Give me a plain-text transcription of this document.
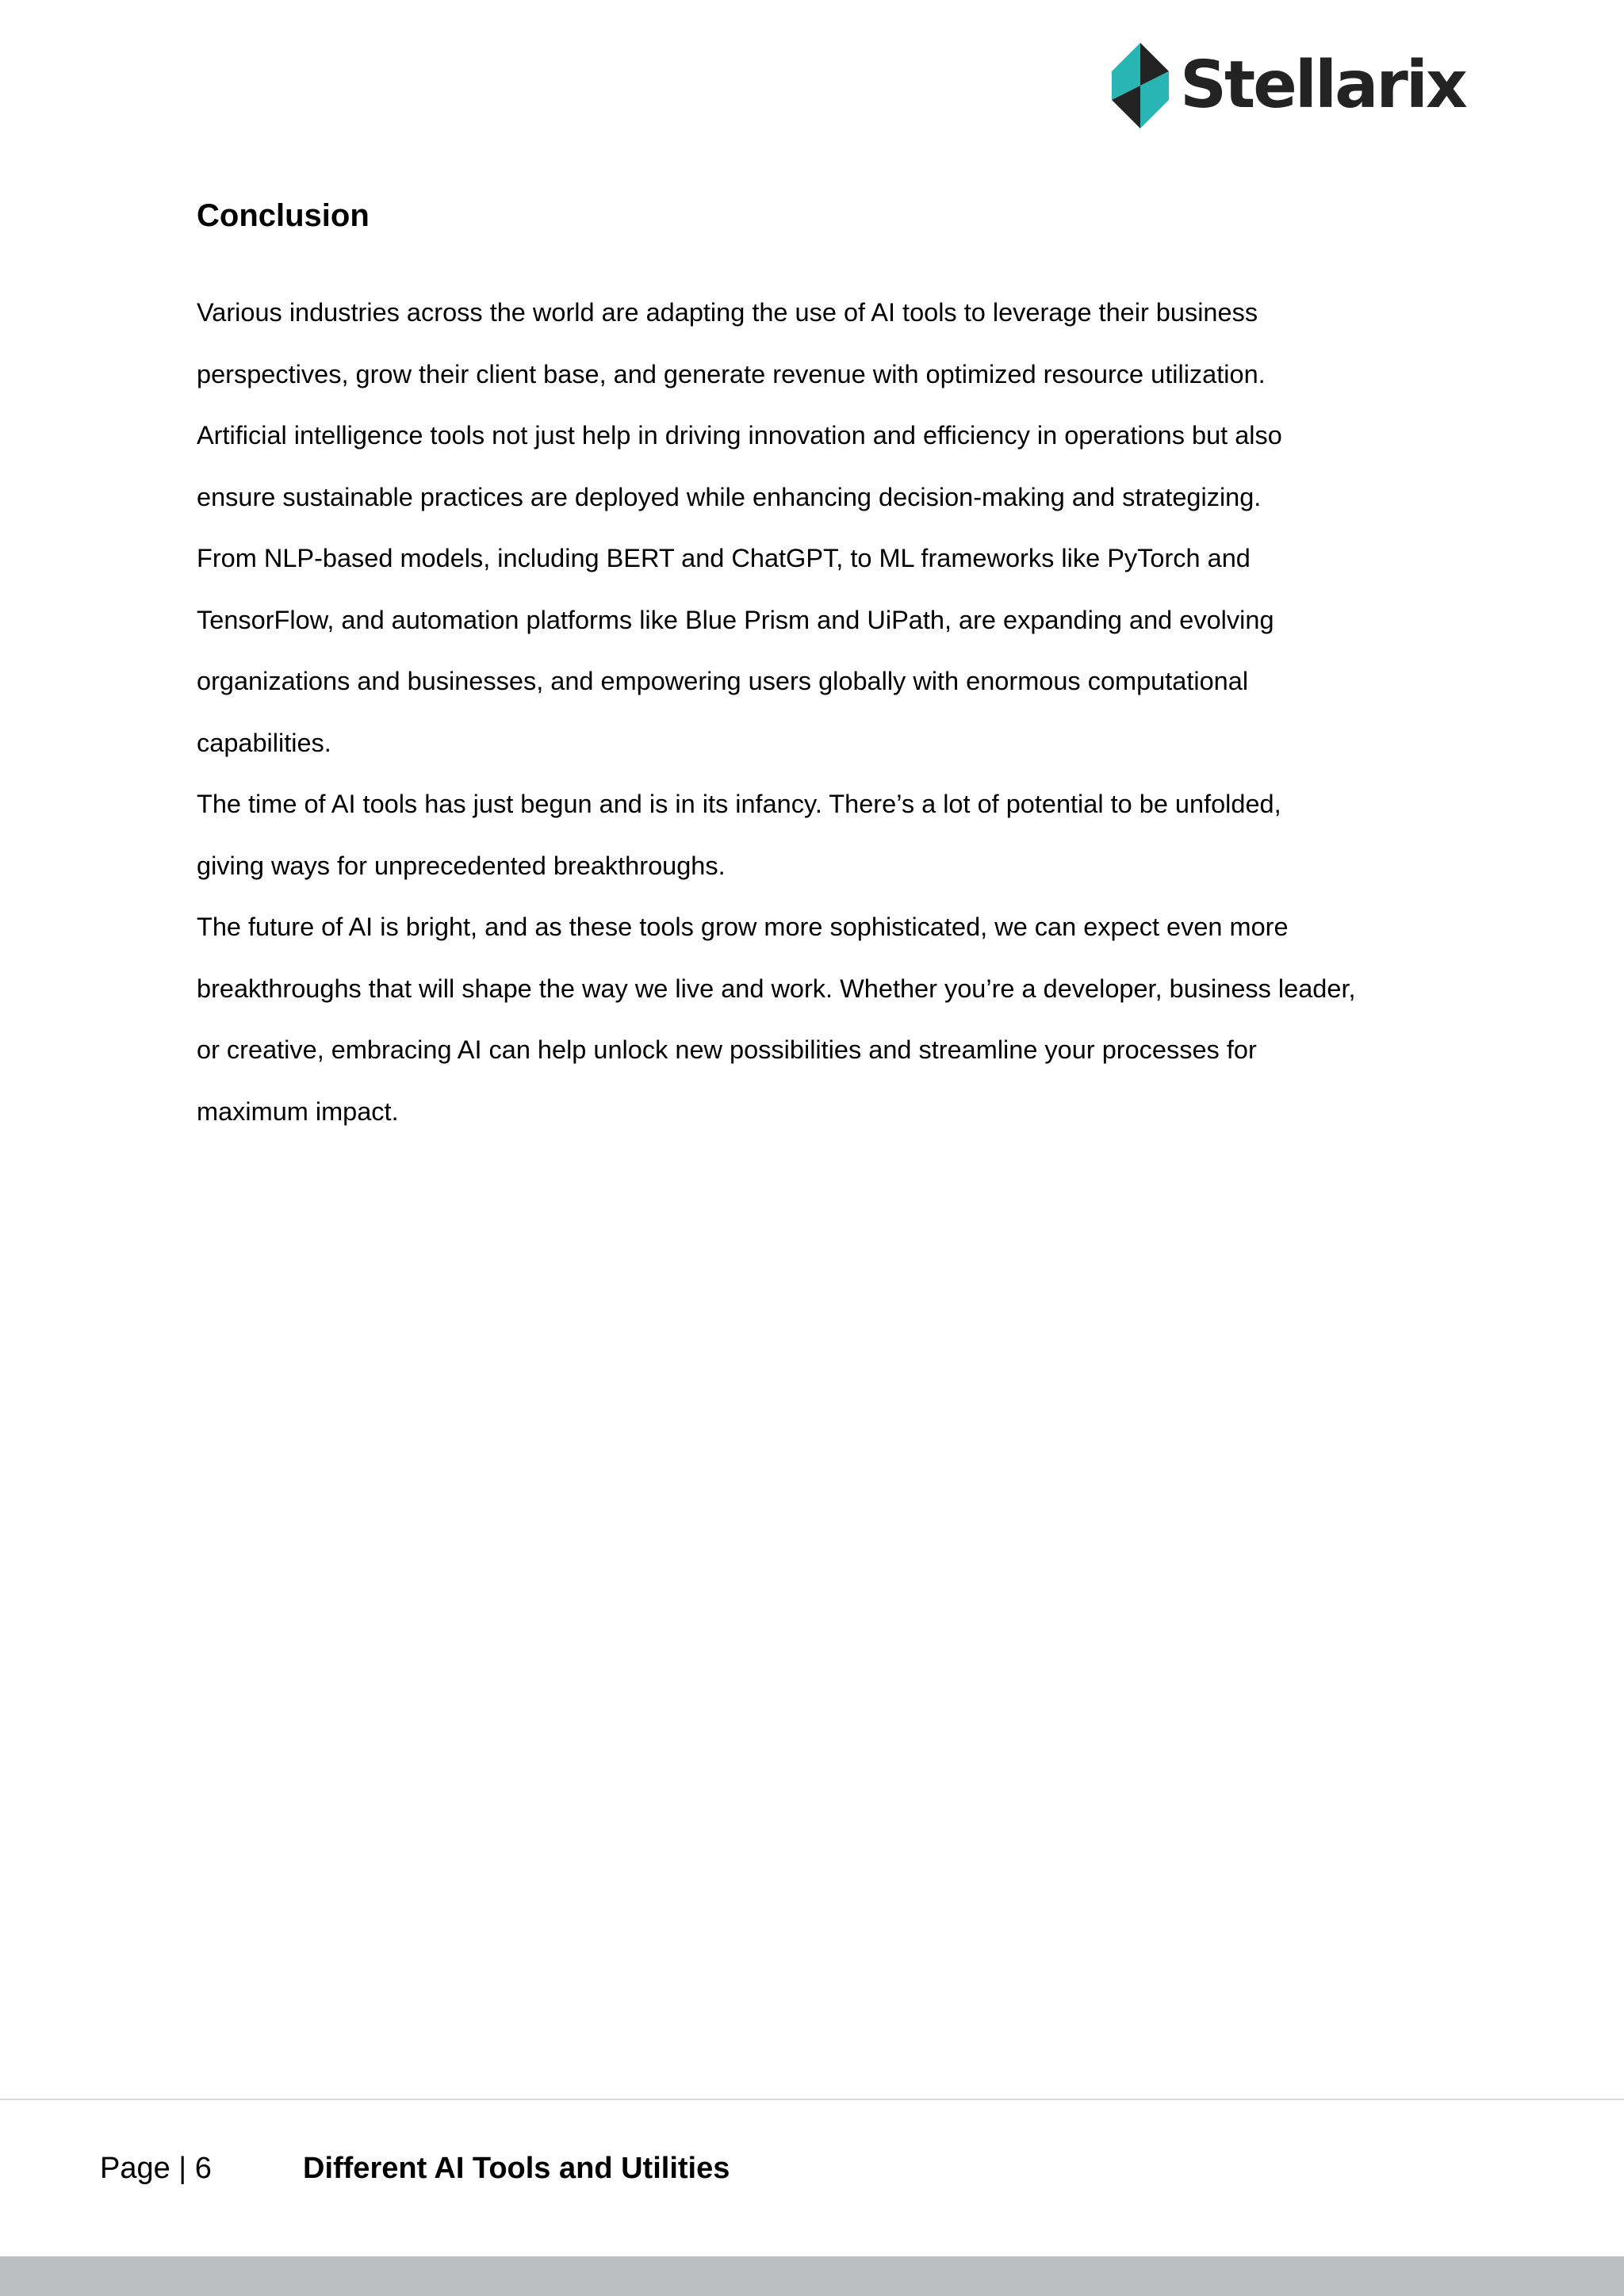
Stellarix
Conclusion

Various industries across the world are adapting the use of AI tools to leverage their business

perspectives, grow their client base, and generate revenue with optimized resource utilization.

Artificial intelligence tools not just help in driving innovation and efficiency in operations but also

ensure sustainable practices are deployed while enhancing decision-making and strategizing.

From NLP-based models, including BERT and ChatGPT, to ML frameworks like PyTorch and

TensorFlow, and automation platforms like Blue Prism and UiPath, are expanding and evolving

organizations and businesses, and empowering users globally with enormous computational

capabilities.

The time of AI tools has just begun and is in its infancy. There’s a lot of potential to be unfolded,

giving ways for unprecedented breakthroughs.

The future of AI is bright, and as these tools grow more sophisticated, we can expect even more

breakthroughs that will shape the way we live and work. Whether you’re a developer, business leader,

or creative, embracing AI can help unlock new possibilities and streamline your processes for

maximum impact.

Page | 6	Different AI Tools and Utilities
